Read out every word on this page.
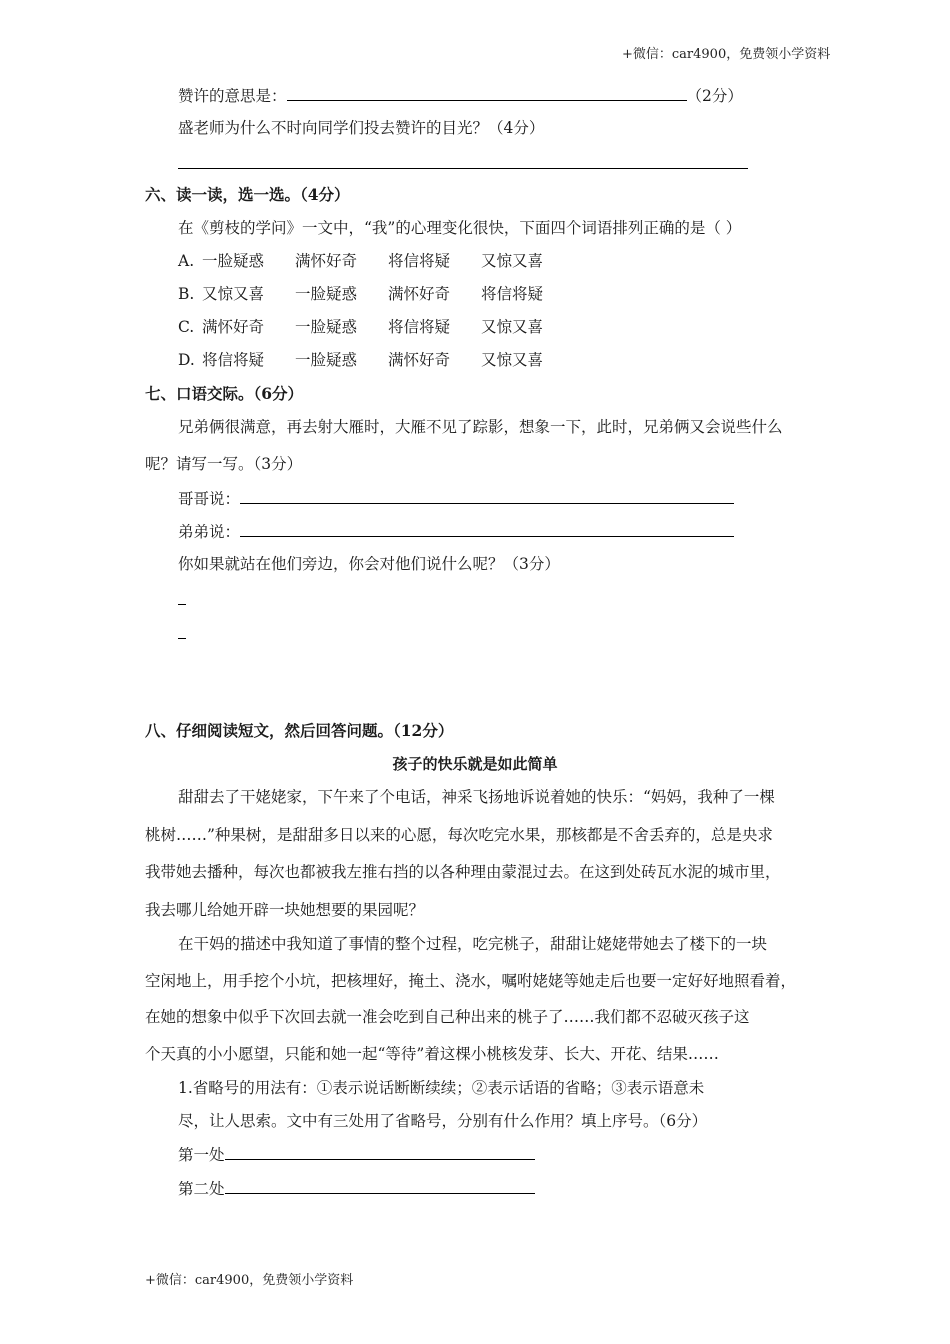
+微信：car4900，免费领小学资料
赞许的意思是：	（2分）
盛老师为什么不时向同学们投去赞许的目光？（4分）
六、读一读，选一选。（4分）
在《剪枝的学问》一文中，“我”的心理变化很快，下面四个词语排列正确的是（ ）
A. 一脸疑惑 满怀好奇 将信将疑 又惊又喜
B. 又惊又喜 一脸疑惑 满怀好奇 将信将疑
C. 满怀好奇 一脸疑惑 将信将疑 又惊又喜
D. 将信将疑 一脸疑惑 满怀好奇 又惊又喜
七、口语交际。（6分）
兄弟俩很满意，再去射大雁时，大雁不见了踪影，想象一下，此时，兄弟俩又会说些什么
呢？请写一写。（3分）
哥哥说：
弟弟说：
你如果就站在他们旁边，你会对他们说什么呢？（3分）
八、仔细阅读短文，然后回答问题。（12分）
孩子的快乐就是如此简单
甜甜去了干姥姥家，下午来了个电话，神采飞扬地诉说着她的快乐：“妈妈，我种了一棵
桃树……”种果树，是甜甜多日以来的心愿，每次吃完水果，那核都是不舍丢弃的，总是央求
我带她去播种，每次也都被我左推右挡的以各种理由蒙混过去。在这到处砖瓦水泥的城市里，
我去哪儿给她开辟一块她想要的果园呢？
在干妈的描述中我知道了事情的整个过程，吃完桃子，甜甜让姥姥带她去了楼下的一块
空闲地上，用手挖个小坑，把核埋好，掩土、浇水，嘱咐姥姥等她走后也要一定好好地照看着，
在她的想象中似乎下次回去就一准会吃到自己种出来的桃子了……我们都不忍破灭孩子这
个天真的小小愿望，只能和她一起“等待”着这棵小桃核发芽、长大、开花、结果……
1.省略号的用法有：①表示说话断断续续；②表示话语的省略；③表示语意未
尽，让人思索。文中有三处用了省略号，分别有什么作用？填上序号。（6分）
第一处
第二处
+微信：car4900，免费领小学资料
